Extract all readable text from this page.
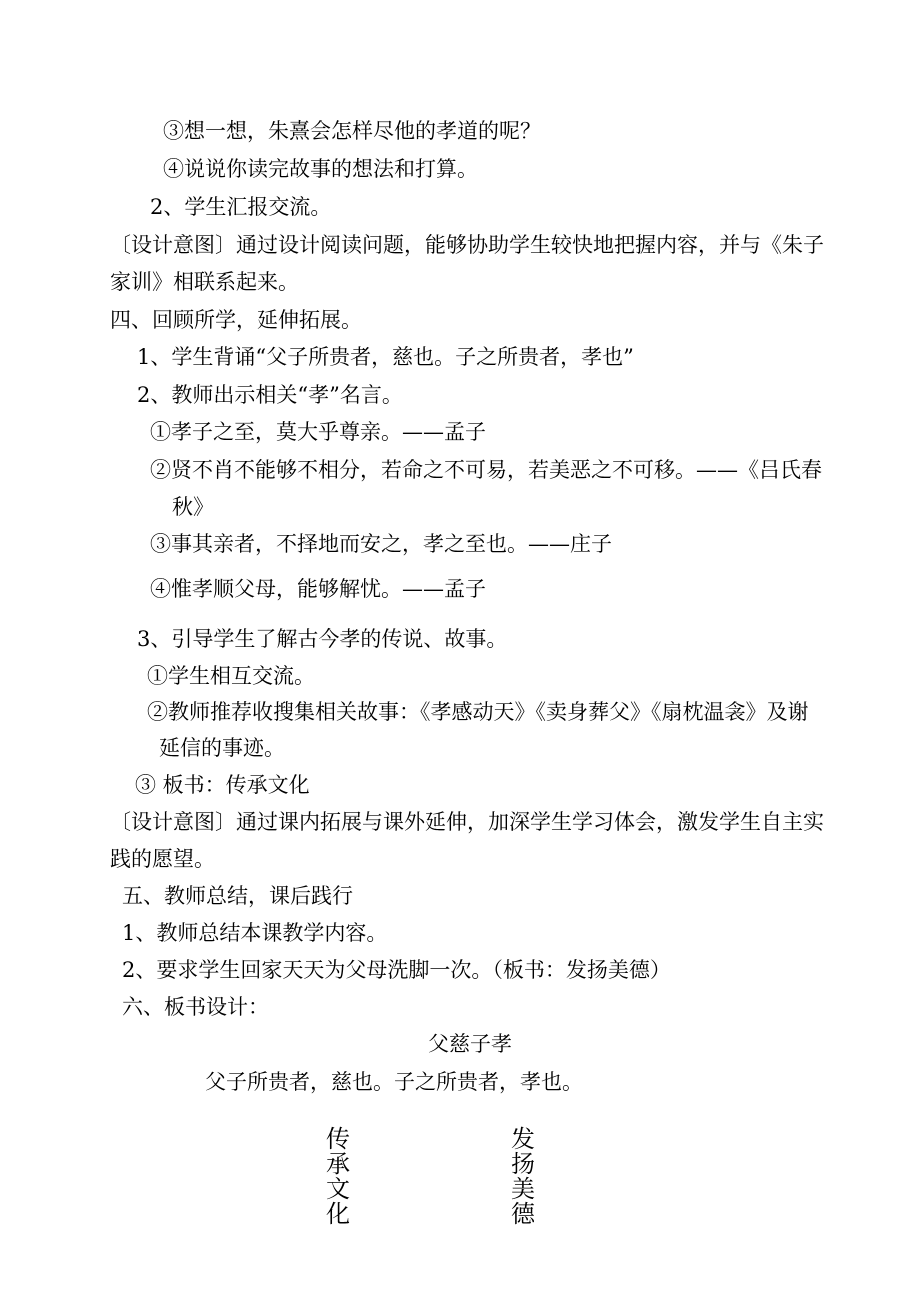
③想一想，朱熹会怎样尽他的孝道的呢？
④说说你读完故事的想法和打算。
2、学生汇报交流。
〔设计意图〕通过设计阅读问题，能够协助学生较快地把握内容，并与《朱子
家训》相联系起来。
四、回顾所学，延伸拓展。
1、学生背诵“父子所贵者，慈也。子之所贵者，孝也”
2、教师出示相关“孝”名言。
①孝子之至，莫大乎尊亲。——孟子
②贤不肖不能够不相分，若命之不可易，若美恶之不可移。——《吕氏春
秋》
③事其亲者，不择地而安之，孝之至也。——庄子
④惟孝顺父母，能够解忧。——孟子
3、引导学生了解古今孝的传说、故事。
①学生相互交流。
②教师推荐收搜集相关故事：《孝感动天》《卖身葬父》《扇枕温衾》及谢
延信的事迹。
③ 板书：传承文化
〔设计意图〕通过课内拓展与课外延伸，加深学生学习体会，激发学生自主实
践的愿望。
五、教师总结，课后践行
1、教师总结本课教学内容。
2、要求学生回家天天为父母洗脚一次。（板书：发扬美德）
六、板书设计：
父慈子孝
父子所贵者，慈也。子之所贵者，孝也。
传
承
文
化
发
扬
美
德
